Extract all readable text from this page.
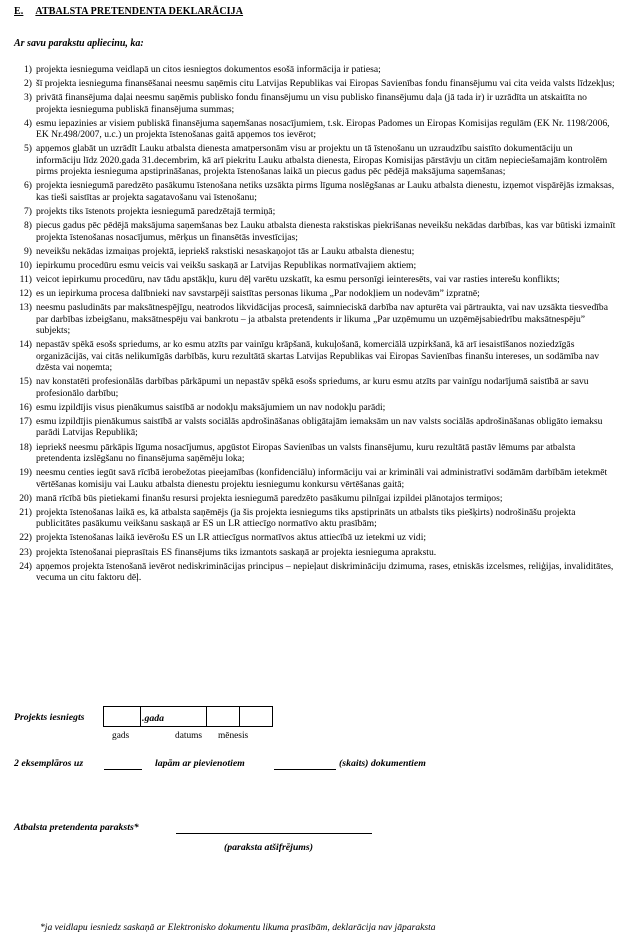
E. ATBALSTA PRETENDENTA DEKLARĀCIJA
Ar savu parakstu apliecinu, ka:
1) projekta iesnieguma veidlapā un citos iesniegtos dokumentos esošā informācija ir patiesa;
2) šī projekta iesnieguma finansēšanai neesmu saņēmis citu Latvijas Republikas vai Eiropas Savienības fondu finansējumu vai cita veida valsts līdzekļus;
3) privātā finansējuma daļai neesmu saņēmis publisko fondu finansējumu un visu publisko finansējumu daļa (jā tada ir) ir uzrādīta un atskaitīta no projekta iesnieguma publiskā finansējuma summas;
4) esmu iepazinies ar visiem publiskā finansējuma saņemšanas nosacījumiem, t.sk. Eiropas Padomes un Eiropas Komisijas regulām (EK Nr. 1198/2006, EK Nr.498/2007, u.c.) un projekta īstenošanas gaitā apņemos tos ievērot;
5) apņemos glabāt un uzrādīt Lauku atbalsta dienesta amatpersonām visu ar projektu un tā īstenošanu un uzraudzību saistīto dokumentāciju un informāciju līdz 2020.gada 31.decembrim, kā arī piekritu Lauku atbalsta dienesta, Eiropas Komisijas pārstāvju un citām nepieciešamajām kontrolēm pirms projekta iesnieguma apstiprināšanas, projekta īstenošanas laikā un piecus gadus pēc pēdējā maksājuma saņemšanas;
6) projekta iesniegumā paredzēto pasākumu īstenošana netiks uzsākta pirms līguma noslēgšanas ar Lauku atbalsta dienestu, izņemot vispārējās izmaksas, kas tieši saistītas ar projekta sagatavošanu vai īstenošanu;
7) projekts tiks īstenots projekta iesniegumā paredzētajā termiņā;
8) piecus gadus pēc pēdējā maksājuma saņemšanas bez Lauku atbalsta dienesta rakstiskas piekrišanas neveikšu nekādas darbības, kas var būtiski izmainīt projekta īstenošanas nosacījumus, mērķus un finansētās investīcijas;
9) neveikšu nekādas izmaiņas projektā, iepriekš rakstiski nesaskaņojot tās ar Lauku atbalsta dienestu;
10) iepirkumu procedūru esmu veicis vai veikšu saskaņā ar Latvijas Republikas normatīvajiem aktiem;
11) veicot iepirkumu procedūru, nav tādu apstākļu, kuru dēļ varētu uzskatīt, ka esmu personīgi ieinteresēts, vai var rasties interešu konflikts;
12) es un iepirkuma procesa dalībnieki nav savstarpēji saistītas personas likuma „Par nodokļiem un nodevām” izpratnē;
13) neesmu pasludināts par maksātnespējīgu, neatrodos likvidācijas procesā, saimnieciskā darbība nav apturēta vai pārtraukta, vai nav uzsākta tiesvedība par darbības izbeigšanu, maksātnespēju vai bankrotu – ja atbalsta pretendents ir likuma „Par uzņēmumu un uzņēmējsabiedrību maksātnespēju” subjekts;
14) nepastāv spēkā esošs spriedums, ar ko esmu atzīts par vainīgu krāpšanā, kukuļošanā, komerciālā uzpirkšanā, kā arī iesaistīšanos noziedzīgās organizācijās, vai citās nelikumīgās darbībās, kuru rezultātā skartas Latvijas Republikas vai Eiropas Savienības finanšu intereses, un sodāmība nav dzēsta vai noņemta;
15) nav konstatēti profesionālās darbības pārkāpumi un nepastāv spēkā esošs spriedums, ar kuru esmu atzīts par vainīgu nodarījumā saistībā ar savu profesionālo darbību;
16) esmu izpildījis visus pienākumus saistībā ar nodokļu maksājumiem un nav nodokļu parādi;
17) esmu izpildījis pienākumus saistībā ar valsts sociālās apdrošināšanas obligātajām iemaksām un nav valsts sociālās apdrošināšanas obligāto iemaksu parādi Latvijas Republikā;
18) iepriekš neesmu pārkāpis līguma nosacījumus, apgūstot Eiropas Savienības un valsts finansējumu, kuru rezultātā pastāv lēmums par atbalsta pretendenta izslēgšanu no finansējuma saņēmēju loka;
19) neesmu centies iegūt savā rīcībā ierobežotas pieejamības (konfidenciālu) informāciju vai ar krimināli vai administratīvi sodāmām darbībām ietekmēt vērtēšanas komisiju vai Lauku atbalsta dienestu projektu iesniegumu konkursu vērtēšanas gaitā;
20) manā rīcībā būs pietiekami finanšu resursi projekta iesniegumā paredzēto pasākumu pilnīgai izpildei plānotajos termiņos;
21) projekta īstenošanas laikā es, kā atbalsta saņēmējs (ja šis projekta iesniegums tiks apstiprināts un atbalsts tiks piešķirts) nodrošināšu projekta publicitātes pasākumu veikšanu saskaņā ar ES un LR attiecīgo normatīvo aktu prasībām;
22) projekta īstenošanas laikā ievērošu ES un LR attiecīgus normatīvos aktus attiecībā uz ietekmi uz vidi;
23) projekta īstenošanai pieprasītais ES finansējums tiks izmantots saskaņā ar projekta iesnieguma aprakstu.
24) apņemos projekta īstenošanā ievērot nediskriminācijas principus – nepieļaut diskrimināciju dzimuma, rases, etniskās izcelsmes, reliģijas, invaliditātes, vecuma un citu faktoru dēļ.
Projekts iesniegts	.gada
gads	datums mēnesis
2 eksemplāros uz	lapām ar pievienotiem	(skaits) dokumentiem
Atbalsta pretendenta paraksts*
(paraksta atšifrējums)
*ja veidlapu iesniedz saskaņā ar Elektronisko dokumentu likuma prasībām, deklarācija nav jāparaksta
